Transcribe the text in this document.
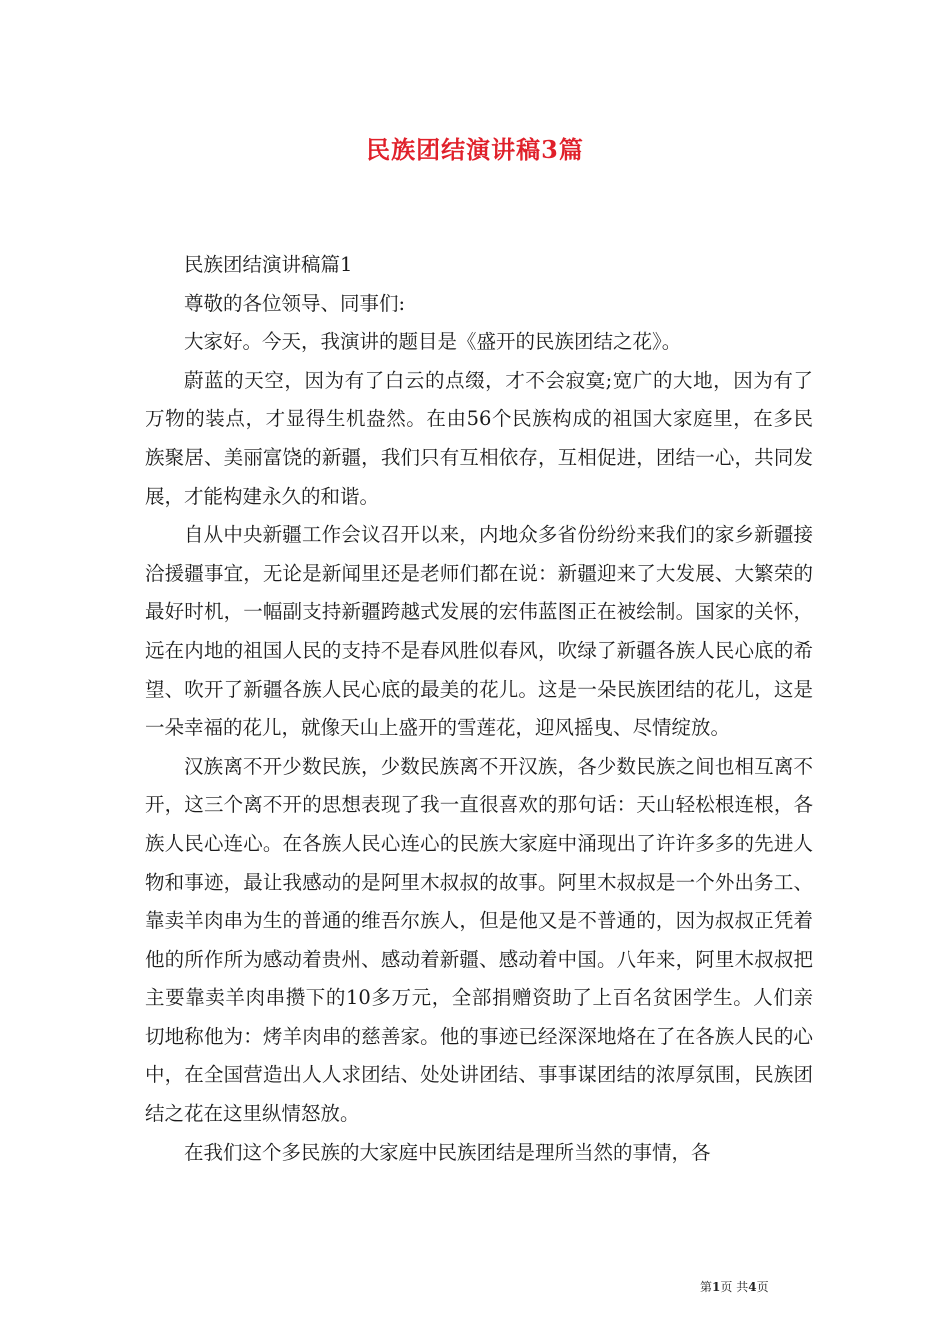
民族团结演讲稿3篇

民族团结演讲稿篇1

尊敬的各位领导、同事们:

大家好。今天，我演讲的题目是《盛开的民族团结之花》。

蔚蓝的天空，因为有了白云的点缀，才不会寂寞;宽广的大地，因为有了万物的装点，才显得生机盎然。在由56个民族构成的祖国大家庭里，在多民族聚居、美丽富饶的新疆，我们只有互相依存，互相促进，团结一心，共同发展，才能构建永久的和谐。

自从中央新疆工作会议召开以来，内地众多省份纷纷来我们的家乡新疆接洽援疆事宜，无论是新闻里还是老师们都在说：新疆迎来了大发展、大繁荣的最好时机，一幅副支持新疆跨越式发展的宏伟蓝图正在被绘制。国家的关怀，远在内地的祖国人民的支持不是春风胜似春风，吹绿了新疆各族人民心底的希望、吹开了新疆各族人民心底的最美的花儿。这是一朵民族团结的花儿，这是一朵幸福的花儿，就像天山上盛开的雪莲花，迎风摇曳、尽情绽放。

汉族离不开少数民族，少数民族离不开汉族，各少数民族之间也相互离不开，这三个离不开的思想表现了我一直很喜欢的那句话：天山轻松根连根，各族人民心连心。在各族人民心连心的民族大家庭中涌现出了许许多多的先进人物和事迹，最让我感动的是阿里木叔叔的故事。阿里木叔叔是一个外出务工、靠卖羊肉串为生的普通的维吾尔族人，但是他又是不普通的，因为叔叔正凭着他的所作所为感动着贵州、感动着新疆、感动着中国。八年来，阿里木叔叔把主要靠卖羊肉串攒下的10多万元，全部捐赠资助了上百名贫困学生。人们亲切地称他为：烤羊肉串的慈善家。他的事迹已经深深地烙在了在各族人民的心中，在全国营造出人人求团结、处处讲团结、事事谋团结的浓厚氛围，民族团结之花在这里纵情怒放。

在我们这个多民族的大家庭中民族团结是理所当然的事情，各

第1页 共4页
